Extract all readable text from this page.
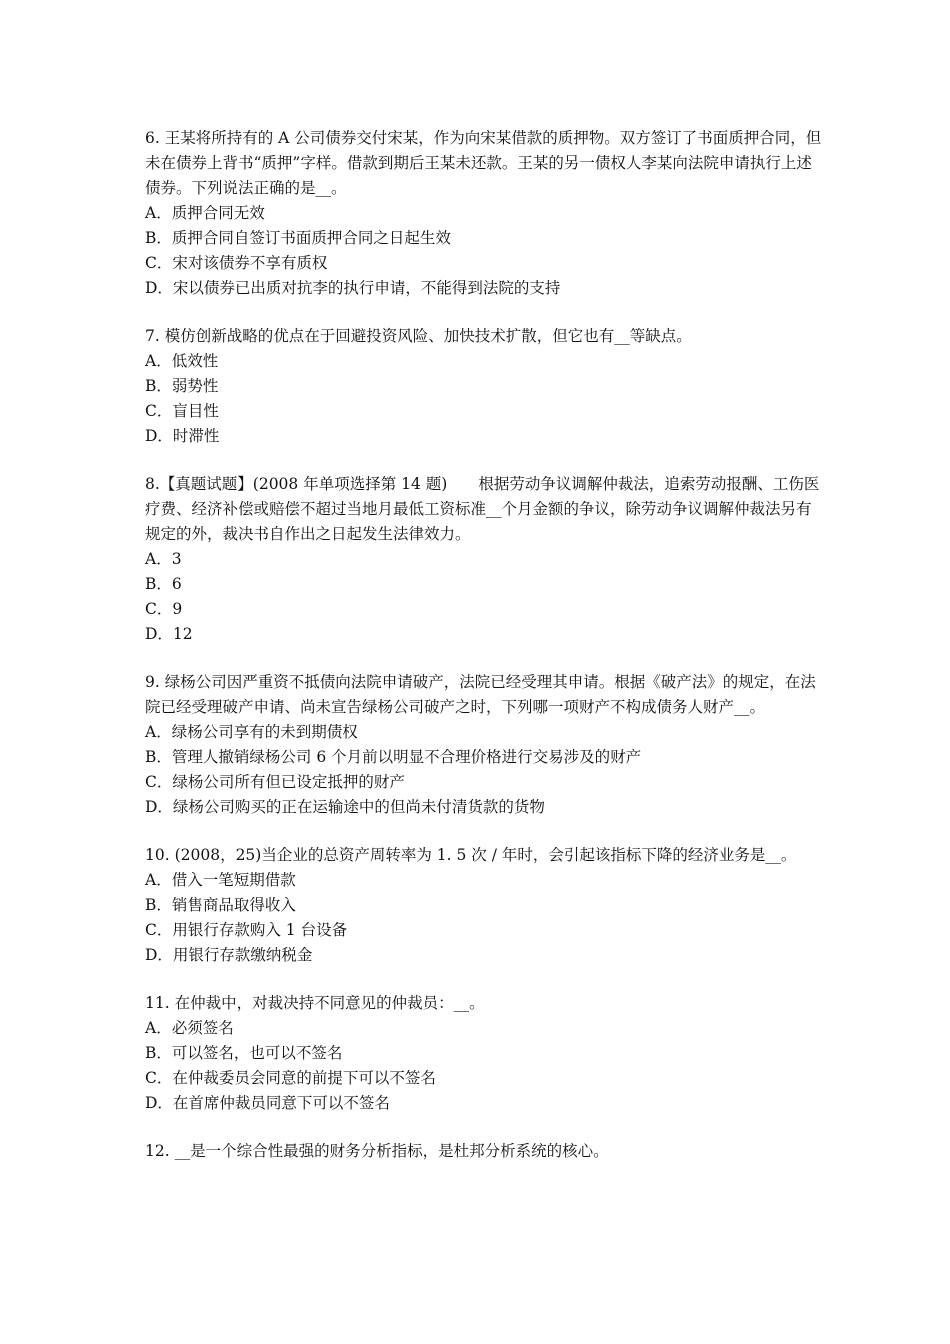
6. 王某将所持有的 A 公司债券交付宋某，作为向宋某借款的质押物。双方签订了书面质押合同，但未在债券上背书“质押”字样。借款到期后王某未还款。王某的另一债权人李某向法院申请执行上述债券。下列说法正确的是__。

A．质押合同无效

B．质押合同自签订书面质押合同之日起生效

C．宋对该债券不享有质权

D．宋以债券已出质对抗李的执行申请，不能得到法院的支持

7. 模仿创新战略的优点在于回避投资风险、加快技术扩散，但它也有__等缺点。

A．低效性

B．弱势性

C．盲目性

D．时滞性

8.【真题试题】(2008 年单项选择第 14 题)　　根据劳动争议调解仲裁法，追索劳动报酬、工伤医疗费、经济补偿或赔偿不超过当地月最低工资标准__个月金额的争议，除劳动争议调解仲裁法另有规定的外，裁决书自作出之日起发生法律效力。

A．3

B．6

C．9

D．12

9. 绿杨公司因严重资不抵债向法院申请破产，法院已经受理其申请。根据《破产法》的规定，在法院已经受理破产申请、尚未宣告绿杨公司破产之时，下列哪一项财产不构成债务人财产__。

A．绿杨公司享有的未到期债权

B．管理人撤销绿杨公司 6 个月前以明显不合理价格进行交易涉及的财产

C．绿杨公司所有但已设定抵押的财产

D．绿杨公司购买的正在运输途中的但尚未付清货款的货物

10. (2008，25)当企业的总资产周转率为 1. 5 次 / 年时，会引起该指标下降的经济业务是__。

A．借入一笔短期借款

B．销售商品取得收入

C．用银行存款购入 1 台设备

D．用银行存款缴纳税金

11. 在仲裁中，对裁决持不同意见的仲裁员：__。

A．必须签名

B．可以签名，也可以不签名

C．在仲裁委员会同意的前提下可以不签名

D．在首席仲裁员同意下可以不签名

12. __是一个综合性最强的财务分析指标，是杜邦分析系统的核心。
